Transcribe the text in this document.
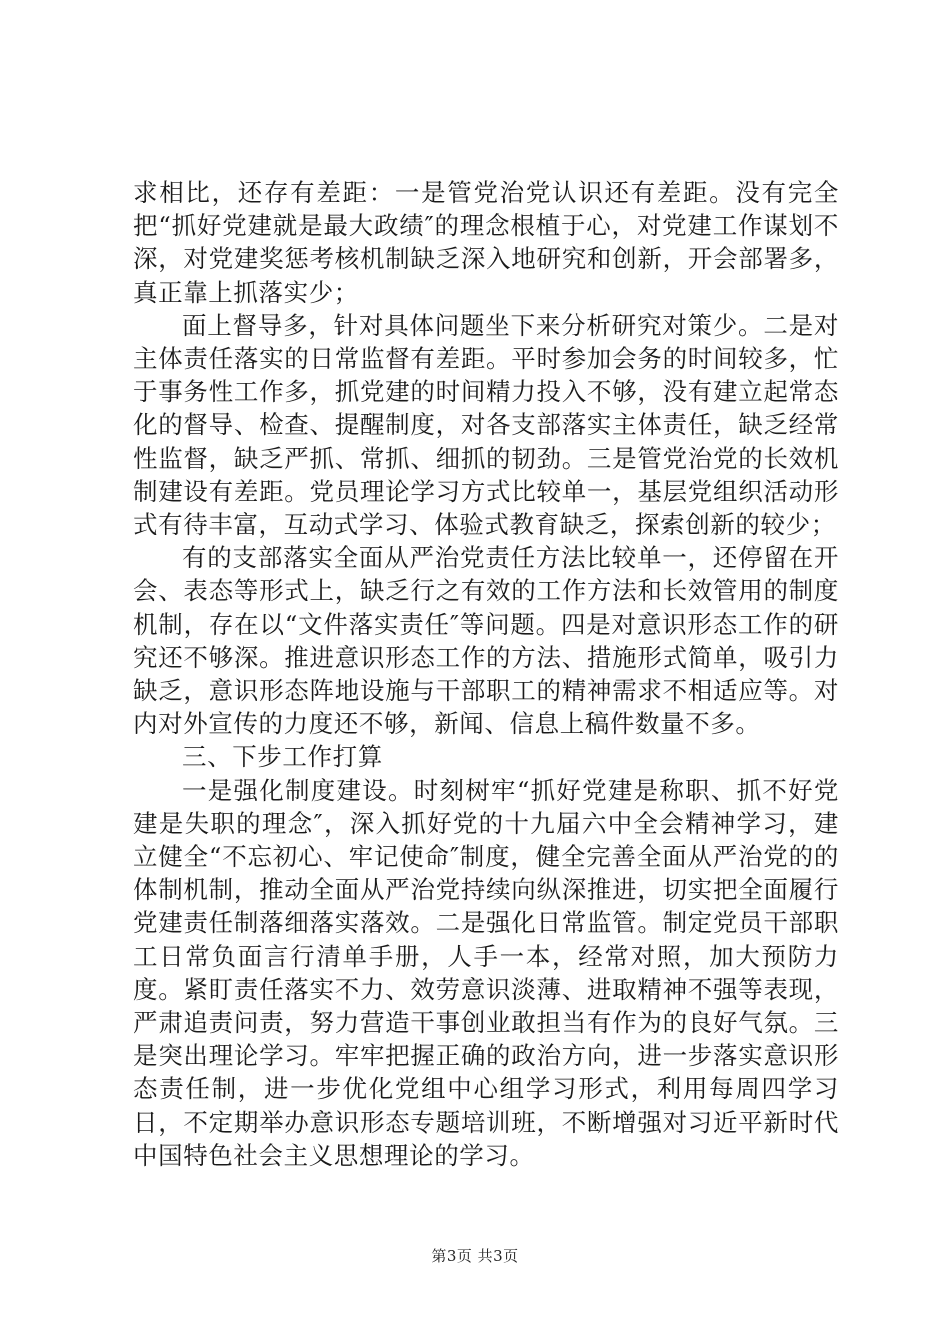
求相比，还存有差距：一是管党治党认识还有差距。没有完全把“抓好党建就是最大政绩″的理念根植于心，对党建工作谋划不深，对党建奖惩考核机制缺乏深入地研究和创新，开会部署多，真正靠上抓落实少；

面上督导多，针对具体问题坐下来分析研究对策少。二是对主体责任落实的日常监督有差距。平时参加会务的时间较多，忙于事务性工作多，抓党建的时间精力投入不够，没有建立起常态化的督导、检查、提醒制度，对各支部落实主体责任，缺乏经常性监督，缺乏严抓、常抓、细抓的韧劲。三是管党治党的长效机制建设有差距。党员理论学习方式比较单一，基层党组织活动形式有待丰富，互动式学习、体验式教育缺乏，探索创新的较少；

有的支部落实全面从严治党责任方法比较单一，还停留在开会、表态等形式上，缺乏行之有效的工作方法和长效管用的制度机制，存在以“文件落实责任″等问题。四是对意识形态工作的研究还不够深。推进意识形态工作的方法、措施形式简单，吸引力缺乏，意识形态阵地设施与干部职工的精神需求不相适应等。对内对外宣传的力度还不够，新闻、信息上稿件数量不多。

三、下步工作打算

一是强化制度建设。时刻树牢“抓好党建是称职、抓不好党建是失职的理念″，深入抓好党的十九届六中全会精神学习，建立健全“不忘初心、牢记使命″制度，健全完善全面从严治党的的体制机制，推动全面从严治党持续向纵深推进，切实把全面履行党建责任制落细落实落效。二是强化日常监管。制定党员干部职工日常负面言行清单手册，人手一本，经常对照，加大预防力度。紧盯责任落实不力、效劳意识淡薄、进取精神不强等表现，严肃追责问责，努力营造干事创业敢担当有作为的良好气氛。三是突出理论学习。牢牢把握正确的政治方向，进一步落实意识形态责任制，进一步优化党组中心组学习形式，利用每周四学习日，不定期举办意识形态专题培训班，不断增强对习近平新时代中国特色社会主义思想理论的学习。

第3页 共3页
